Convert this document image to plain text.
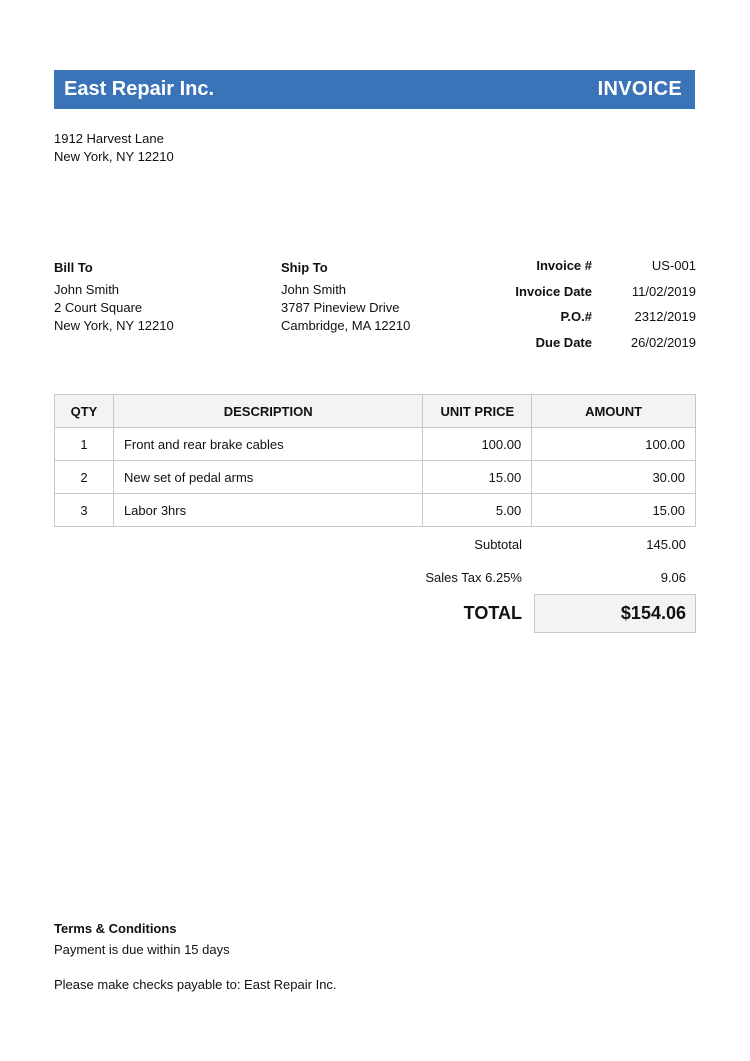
East Repair Inc.	INVOICE
1912 Harvest Lane
New York, NY 12210
Bill To
John Smith
2 Court Square
New York, NY 12210
Ship To
John Smith
3787 Pineview Drive
Cambridge, MA 12210
Invoice #	US-001
Invoice Date	11/02/2019
P.O.#	2312/2019
Due Date	26/02/2019
QTY	DESCRIPTION	UNIT PRICE	AMOUNT
1	Front and rear brake cables	100.00	100.00
2	New set of pedal arms	15.00	30.00
3	Labor 3hrs	5.00	15.00
Subtotal	145.00
Sales Tax 6.25%	9.06
TOTAL	$154.06
Terms & Conditions
Payment is due within 15 days
Please make checks payable to: East Repair Inc.
